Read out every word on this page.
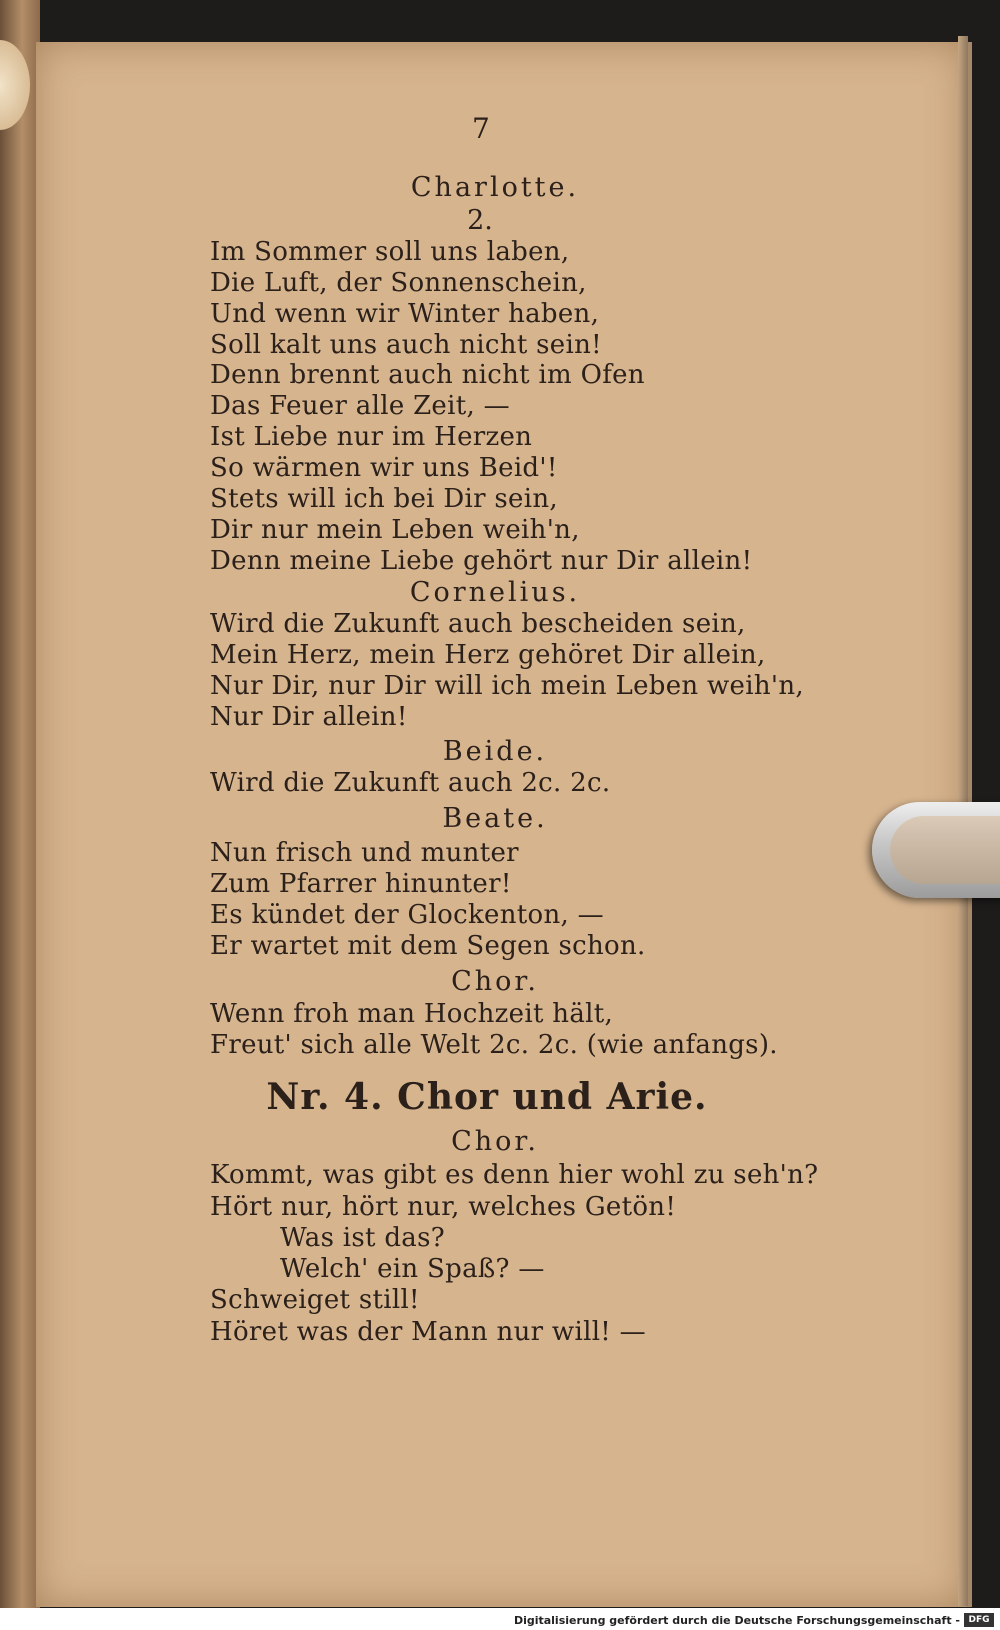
7
Charlotte.
2.
Im Sommer soll uns laben,
Die Luft, der Sonnenschein,
Und wenn wir Winter haben,
Soll kalt uns auch nicht sein!
Denn brennt auch nicht im Ofen
Das Feuer alle Zeit, —
Ist Liebe nur im Herzen
So wärmen wir uns Beid'!
Stets will ich bei Dir sein,
Dir nur mein Leben weih'n,
Denn meine Liebe gehört nur Dir allein!
Cornelius.
Wird die Zukunft auch bescheiden sein,
Mein Herz, mein Herz gehöret Dir allein,
Nur Dir, nur Dir will ich mein Leben weih'n,
Nur Dir allein!
Beide.
Wird die Zukunft auch 2c. 2c.
Beate.
Nun frisch und munter
Zum Pfarrer hinunter!
Es kündet der Glockenton, —
Er wartet mit dem Segen schon.
Chor.
Wenn froh man Hochzeit hält,
Freut' sich alle Welt 2c. 2c. (wie anfangs).
Nr. 4. Chor und Arie.
Chor.
Kommt, was gibt es denn hier wohl zu seh'n?
Hört nur, hört nur, welches Getön!
Was ist das?
Welch' ein Spaß? —
Schweiget still!
Höret was der Mann nur will! —
Digitalisierung gefördert durch die Deutsche Forschungsgemeinschaft - DFG
